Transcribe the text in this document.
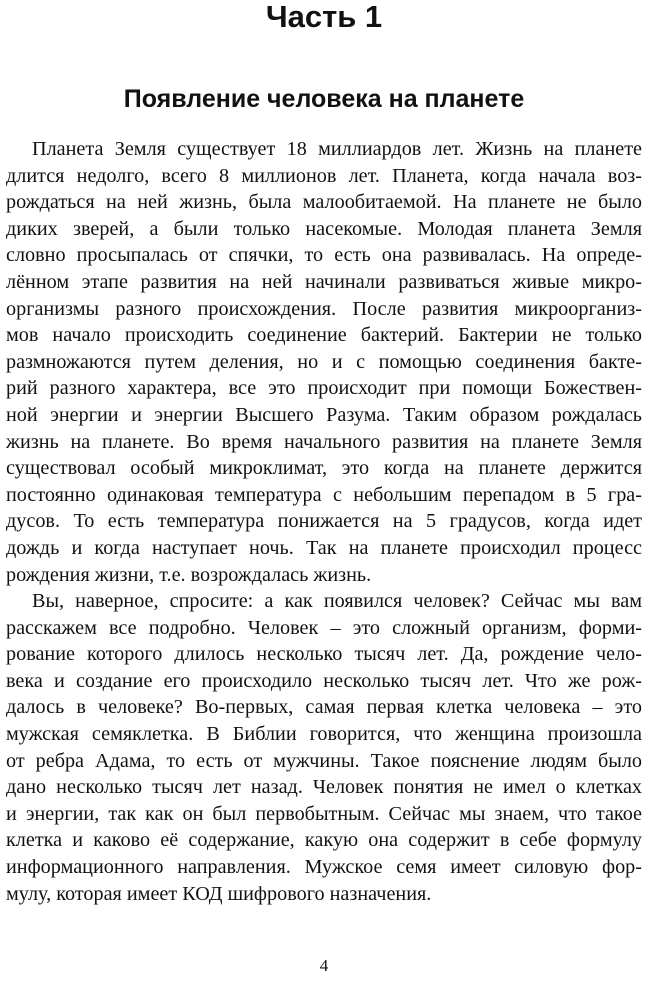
Часть 1
Появление человека на планете
Планета Земля существует 18 миллиардов лет. Жизнь на планете
длится недолго, всего 8 миллионов лет. Планета, когда начала воз-
рождаться на ней жизнь, была малообитаемой. На планете не было
диких зверей, а были только насекомые. Молодая планета Земля
словно просыпалась от спячки, то есть она развивалась. На опреде-
лённом этапе развития на ней начинали развиваться живые микро-
организмы разного происхождения. После развития микроорганиз-
мов начало происходить соединение бактерий. Бактерии не только
размножаются путем деления, но и с помощью соединения бакте-
рий разного характера, все это происходит при помощи Божествен-
ной энергии и энергии Высшего Разума. Таким образом рождалась
жизнь на планете. Во время начального развития на планете Земля
существовал особый микроклимат, это когда на планете держится
постоянно одинаковая температура с небольшим перепадом в 5 гра-
дусов. То есть температура понижается на 5 градусов, когда идет
дождь и когда наступает ночь. Так на планете происходил процесс
рождения жизни, т.е. возрождалась жизнь.
Вы, наверное, спросите: а как появился человек? Сейчас мы вам
расскажем все подробно. Человек – это сложный организм, форми-
рование которого длилось несколько тысяч лет. Да, рождение чело-
века и создание его происходило несколько тысяч лет. Что же рож-
далось в человеке? Во-первых, самая первая клетка человека – это
мужская семяклетка. В Библии говорится, что женщина произошла
от ребра Адама, то есть от мужчины. Такое пояснение людям было
дано несколько тысяч лет назад. Человек понятия не имел о клетках
и энергии, так как он был первобытным. Сейчас мы знаем, что такое
клетка и каково её содержание, какую она содержит в себе формулу
информационного направления. Мужское семя имеет силовую фор-
мулу, которая имеет КОД шифрового назначения.
4
